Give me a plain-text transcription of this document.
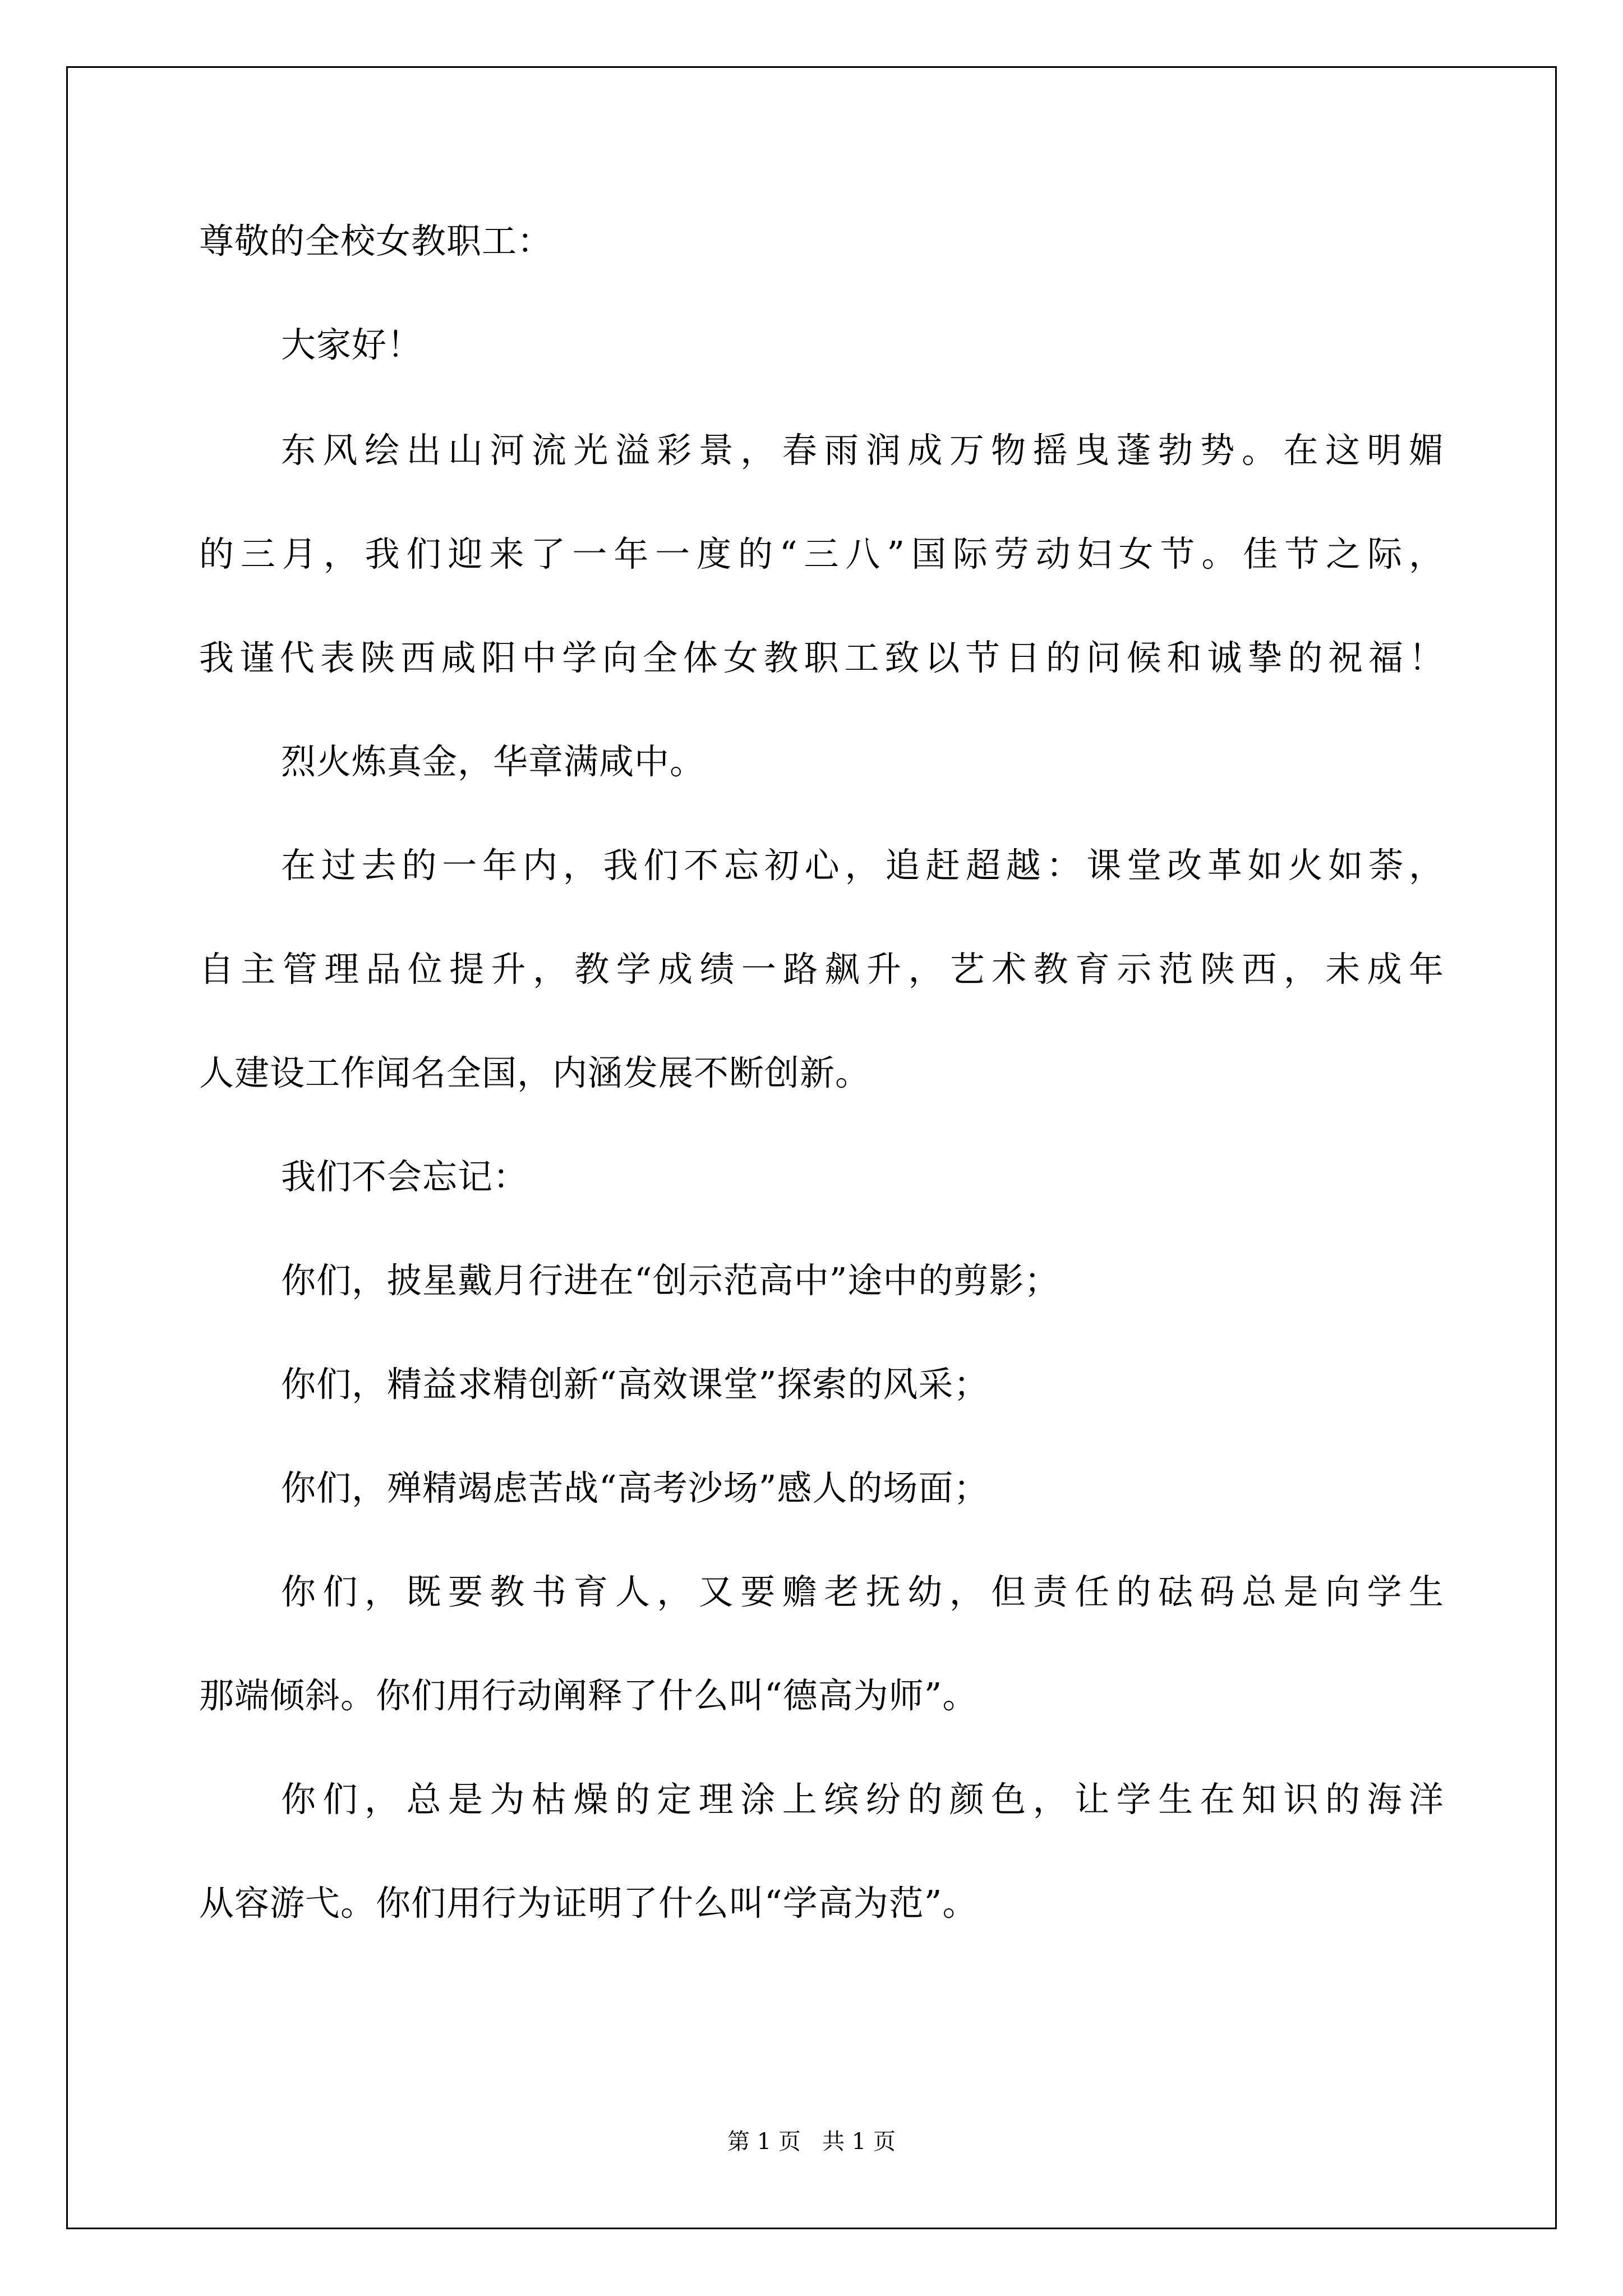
尊敬的全校女教职工：
大家好！
东风绘出山河流光溢彩景，春雨润成万物摇曳蓬勃势。在这明媚
的三月，我们迎来了一年一度的“三八”国际劳动妇女节。佳节之际，
我谨代表陕西咸阳中学向全体女教职工致以节日的问候和诚挚的祝福！
烈火炼真金，华章满咸中。
在过去的一年内，我们不忘初心，追赶超越：课堂改革如火如荼，
自主管理品位提升，教学成绩一路飙升，艺术教育示范陕西，未成年
人建设工作闻名全国，内涵发展不断创新。
我们不会忘记：
你们，披星戴月行进在“创示范高中”途中的剪影；
你们，精益求精创新“高效课堂”探索的风采；
你们，殚精竭虑苦战“高考沙场”感人的场面；
你们，既要教书育人，又要赡老抚幼，但责任的砝码总是向学生
那端倾斜。你们用行动阐释了什么叫“德高为师”。
你们，总是为枯燥的定理涂上缤纷的颜色，让学生在知识的海洋
从容游弋。你们用行为证明了什么叫“学高为范”。
第 1 页   共 1 页
